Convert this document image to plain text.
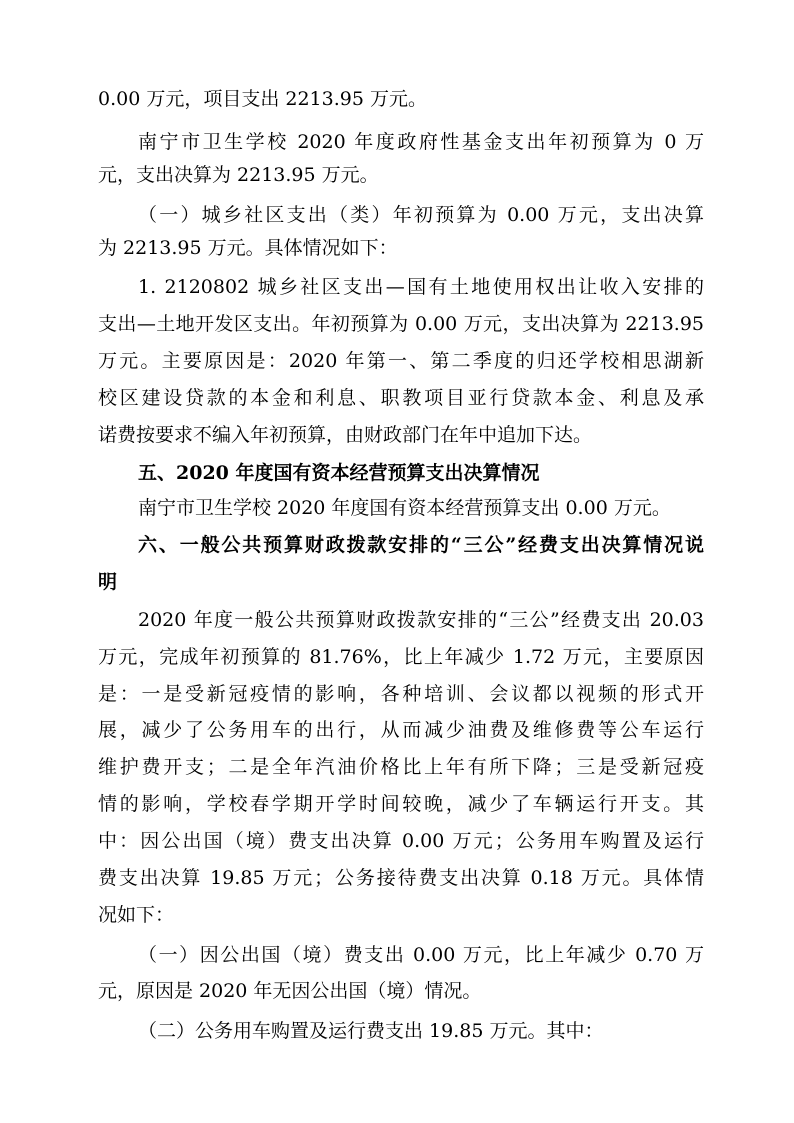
0.00 万元，项目支出 2213.95 万元。
南宁市卫生学校 2020 年度政府性基金支出年初预算为 0 万
元，支出决算为 2213.95 万元。
（一）城乡社区支出（类）年初预算为 0.00 万元，支出决算
为 2213.95 万元。具体情况如下：
1. 2120802 城乡社区支出—国有土地使用权出让收入安排的
支出—土地开发区支出。年初预算为 0.00 万元，支出决算为 2213.95
万元。主要原因是：2020 年第一、第二季度的归还学校相思湖新
校区建设贷款的本金和利息、职教项目亚行贷款本金、利息及承
诺费按要求不编入年初预算，由财政部门在年中追加下达。
五、2020 年度国有资本经营预算支出决算情况
南宁市卫生学校 2020 年度国有资本经营预算支出 0.00 万元。
六、一般公共预算财政拨款安排的“三公”经费支出决算情况说
明
2020 年度一般公共预算财政拨款安排的“三公”经费支出 20.03
万元，完成年初预算的 81.76%，比上年减少 1.72 万元，主要原因
是：一是受新冠疫情的影响，各种培训、会议都以视频的形式开
展，减少了公务用车的出行，从而减少油费及维修费等公车运行
维护费开支；二是全年汽油价格比上年有所下降；三是受新冠疫
情的影响，学校春学期开学时间较晚，减少了车辆运行开支。其
中：因公出国（境）费支出决算 0.00 万元；公务用车购置及运行
费支出决算 19.85 万元；公务接待费支出决算 0.18 万元。具体情
况如下：
（一）因公出国（境）费支出 0.00 万元，比上年减少 0.70 万
元，原因是 2020 年无因公出国（境）情况。
（二）公务用车购置及运行费支出 19.85 万元。其中：
